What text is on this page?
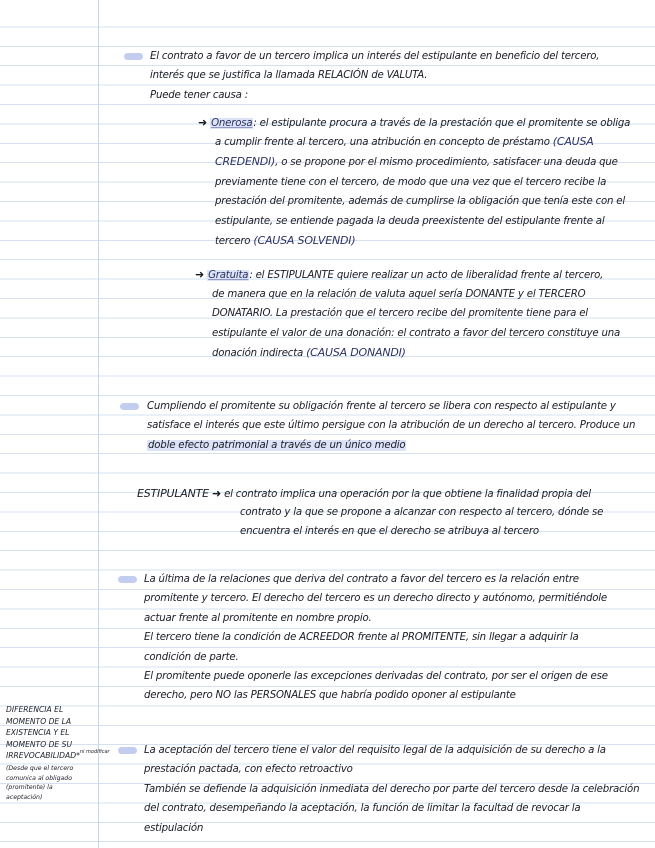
El contrato a favor de un tercero implica un interés del estipulante en beneficio del tercero,
interés que se justifica la llamada RELACIÓN de VALUTA.
Puede tener causa :
➜ Onerosa: el estipulante procura a través de la prestación que el promitente se obliga
a cumplir frente al tercero, una atribución en concepto de préstamo (CAUSA CREDENDI), o se propone por el mismo procedimiento, satisfacer una deuda que
previamente tiene con el tercero, de modo que una vez que el tercero recibe la
prestación del promitente, además de cumplirse la obligación que tenía este con el
estipulante, se entiende pagada la deuda preexistente del estipulante frente al
tercero (CAUSA SOLVENDI)
➜ Gratuita: el ESTIPULANTE quiere realizar un acto de liberalidad frente al tercero,
de manera que en la relación de valuta aquel sería DONANTE y el TERCERO
DONATARIO. La prestación que el tercero recibe del promitente tiene para el
estipulante el valor de una donación: el contrato a favor del tercero constituye una
donación indirecta (CAUSA DONANDI)
Cumpliendo el promitente su obligación frente al tercero se libera con respecto al estipulante y
satisface el interés que este último persigue con la atribución de un derecho al tercero. Produce un
doble efecto patrimonial a través de un único medio
ESTIPULANTE ➜ el contrato implica una operación por la que obtiene la finalidad propia del
contrato y la que se propone a alcanzar con respecto al tercero, dónde se
encuentra el interés en que el derecho se atribuya al tercero
La última de la relaciones que deriva del contrato a favor del tercero es la relación entre
promitente y tercero. El derecho del tercero es un derecho directo y autónomo, permitiéndole
actuar frente al promitente en nombre propio.
El tercero tiene la condición de ACREEDOR frente al PROMITENTE, sin llegar a adquirir la
condición de parte.
El promitente puede oponerle las excepciones derivadas del contrato, por ser el origen de ese
derecho, pero NO las PERSONALES que habría podido oponer al estipulante
La aceptación del tercero tiene el valor del requisito legal de la adquisición de su derecho a la
prestación pactada, con efecto retroactivo
También se defiende la adquisición inmediata del derecho por parte del tercero desde la celebración
del contrato, desempeñando la aceptación, la función de limitar la facultad de revocar la
estipulación
DIFERENCIA EL
MOMENTO DE LA
EXISTENCIA Y EL
MOMENTO DE SU
IRREVOCABILIDAD*$^{ni modificar}$
(Desde que el tercero
comunica al obligado
(promitente) la
aceptación)
